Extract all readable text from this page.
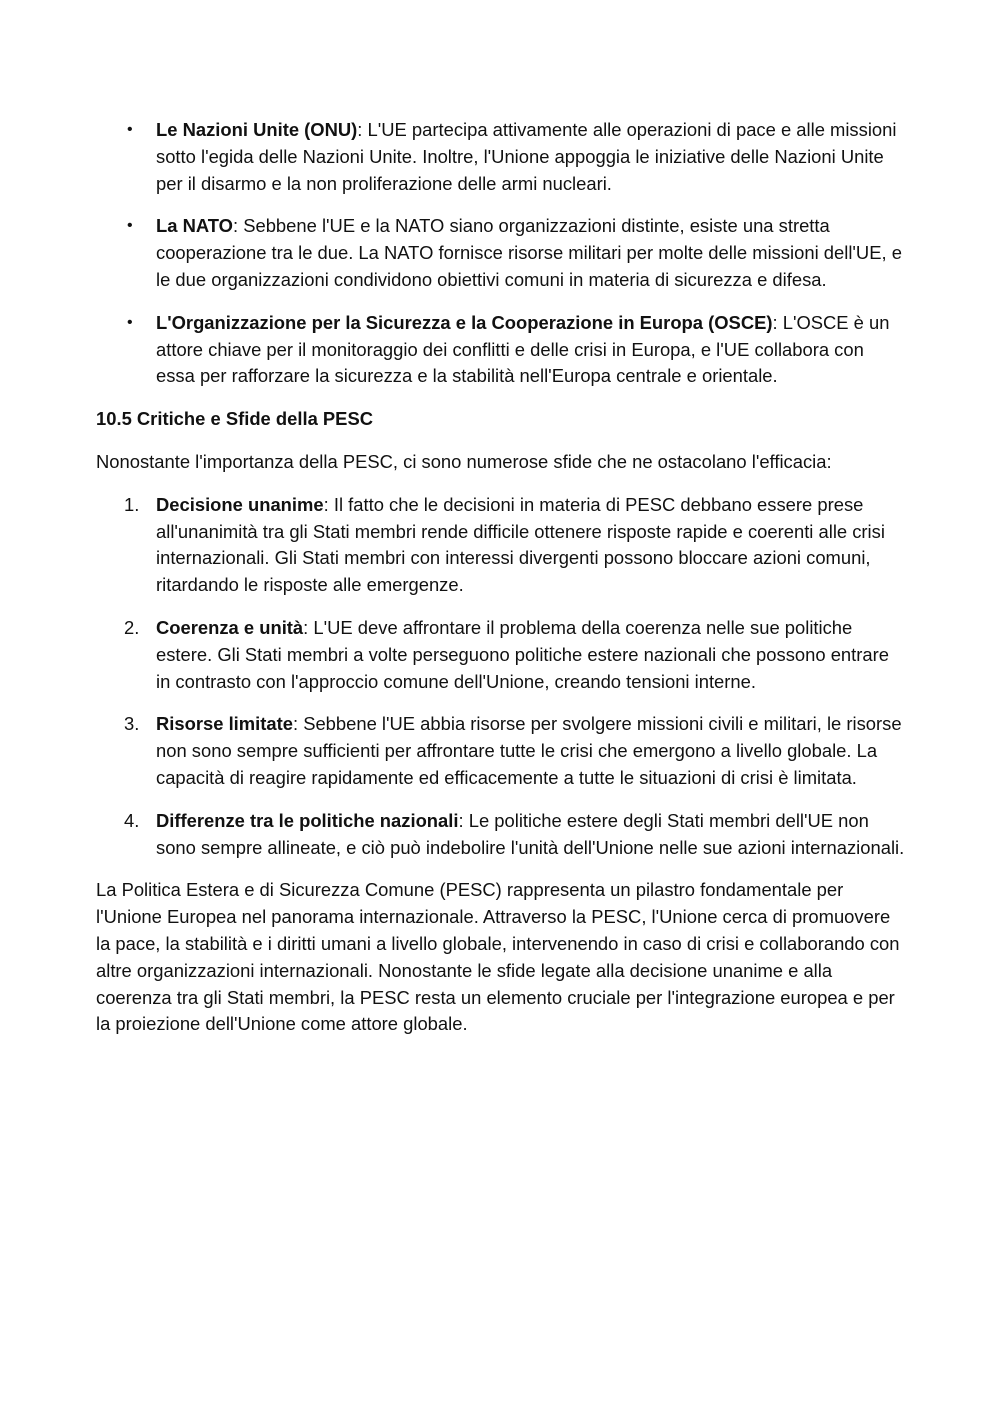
• Le Nazioni Unite (ONU): L'UE partecipa attivamente alle operazioni di pace e alle missioni sotto l'egida delle Nazioni Unite. Inoltre, l'Unione appoggia le iniziative delle Nazioni Unite per il disarmo e la non proliferazione delle armi nucleari.
• La NATO: Sebbene l'UE e la NATO siano organizzazioni distinte, esiste una stretta cooperazione tra le due. La NATO fornisce risorse militari per molte delle missioni dell'UE, e le due organizzazioni condividono obiettivi comuni in materia di sicurezza e difesa.
• L'Organizzazione per la Sicurezza e la Cooperazione in Europa (OSCE): L'OSCE è un attore chiave per il monitoraggio dei conflitti e delle crisi in Europa, e l'UE collabora con essa per rafforzare la sicurezza e la stabilità nell'Europa centrale e orientale.
10.5 Critiche e Sfide della PESC

Nonostante l'importanza della PESC, ci sono numerose sfide che ne ostacolano l'efficacia:

1. Decisione unanime: Il fatto che le decisioni in materia di PESC debbano essere prese all'unanimità tra gli Stati membri rende difficile ottenere risposte rapide e coerenti alle crisi internazionali. Gli Stati membri con interessi divergenti possono bloccare azioni comuni, ritardando le risposte alle emergenze.
2. Coerenza e unità: L'UE deve affrontare il problema della coerenza nelle sue politiche estere. Gli Stati membri a volte perseguono politiche estere nazionali che possono entrare in contrasto con l'approccio comune dell'Unione, creando tensioni interne.
3. Risorse limitate: Sebbene l'UE abbia risorse per svolgere missioni civili e militari, le risorse non sono sempre sufficienti per affrontare tutte le crisi che emergono a livello globale. La capacità di reagire rapidamente ed efficacemente a tutte le situazioni di crisi è limitata.
4. Differenze tra le politiche nazionali: Le politiche estere degli Stati membri dell'UE non sono sempre allineate, e ciò può indebolire l'unità dell'Unione nelle sue azioni internazionali.

La Politica Estera e di Sicurezza Comune (PESC) rappresenta un pilastro fondamentale per l'Unione Europea nel panorama internazionale. Attraverso la PESC, l'Unione cerca di promuovere la pace, la stabilità e i diritti umani a livello globale, intervenendo in caso di crisi e collaborando con altre organizzazioni internazionali. Nonostante le sfide legate alla decisione unanime e alla coerenza tra gli Stati membri, la PESC resta un elemento cruciale per l'integrazione europea e per la proiezione dell'Unione come attore globale.
